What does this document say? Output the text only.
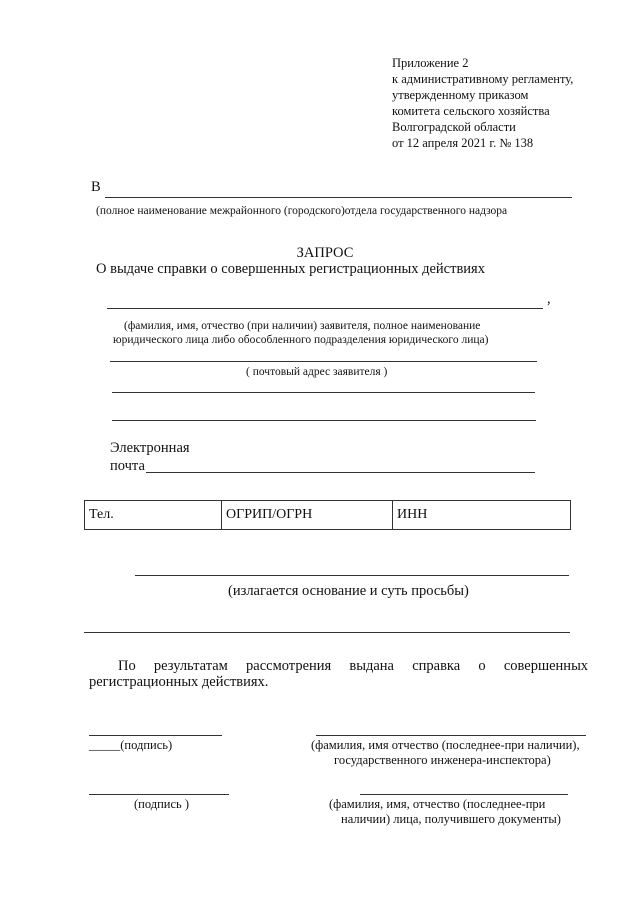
Приложение 2
к административному регламенту,
утвержденному приказом
комитета сельского хозяйства
Волгоградской области
от 12 апреля 2021 г. № 138
В
(полное наименование межрайонного (городского)отдела государственного надзора
ЗАПРОС
О выдаче справки о совершенных регистрационных действиях
,
(фамилия, имя, отчество (при наличии) заявителя, полное наименование
юридического лица либо обособленного подразделения юридического лица)
( почтовый адрес заявителя )
Электронная
почта
Тел.	ОГРИП/ОГРН	ИНН
(излагается основание и суть просьбы)
По результатам рассмотрения выдана справка о совершенных
регистрационных действиях.
_____(подпись)	(фамилия, имя отчество (последнее-при наличии),
государственного инженера-инспектора)
(подпись )	(фамилия, имя, отчество (последнее-при
наличии) лица, получившего документы)
